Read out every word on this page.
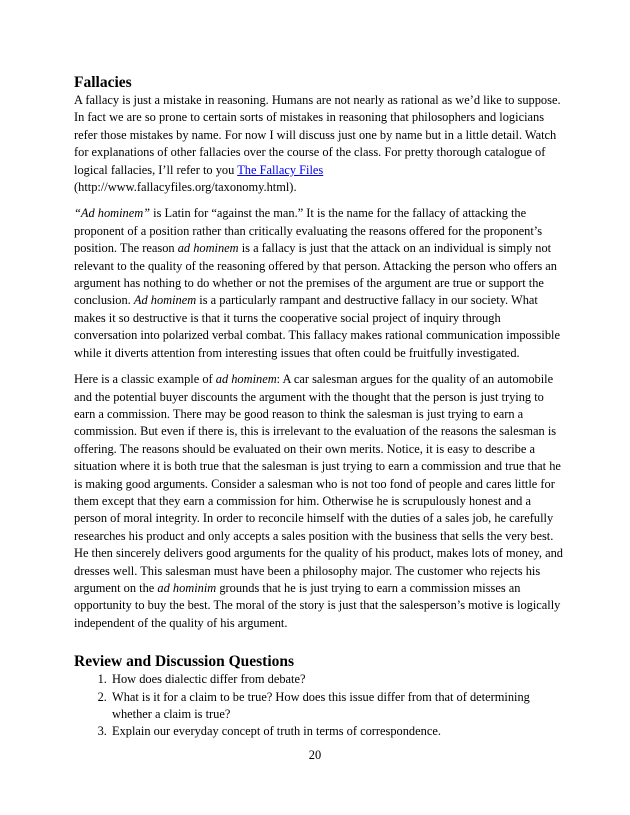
Fallacies

A fallacy is just a mistake in reasoning. Humans are not nearly as rational as we’d like to suppose. In fact we are so prone to certain sorts of mistakes in reasoning that philosophers and logicians refer those mistakes by name. For now I will discuss just one by name but in a little detail. Watch for explanations of other fallacies over the course of the class. For pretty thorough catalogue of logical fallacies, I’ll refer to you The Fallacy Files
(http://www.fallacyfiles.org/taxonomy.html).

“Ad hominem” is Latin for “against the man.” It is the name for the fallacy of attacking the proponent of a position rather than critically evaluating the reasons offered for the proponent’s position. The reason ad hominem is a fallacy is just that the attack on an individual is simply not relevant to the quality of the reasoning offered by that person. Attacking the person who offers an argument has nothing to do whether or not the premises of the argument are true or support the conclusion. Ad hominem is a particularly rampant and destructive fallacy in our society. What makes it so destructive is that it turns the cooperative social project of inquiry through conversation into polarized verbal combat. This fallacy makes rational communication impossible while it diverts attention from interesting issues that often could be fruitfully investigated.

Here is a classic example of ad hominem: A car salesman argues for the quality of an automobile and the potential buyer discounts the argument with the thought that the person is just trying to earn a commission. There may be good reason to think the salesman is just trying to earn a commission. But even if there is, this is irrelevant to the evaluation of the reasons the salesman is offering. The reasons should be evaluated on their own merits. Notice, it is easy to describe a situation where it is both true that the salesman is just trying to earn a commission and true that he is making good arguments. Consider a salesman who is not too fond of people and cares little for them except that they earn a commission for him. Otherwise he is scrupulously honest and a person of moral integrity. In order to reconcile himself with the duties of a sales job, he carefully researches his product and only accepts a sales position with the business that sells the very best. He then sincerely delivers good arguments for the quality of his product, makes lots of money, and dresses well. This salesman must have been a philosophy major. The customer who rejects his argument on the ad hominim grounds that he is just trying to earn a commission misses an opportunity to buy the best. The moral of the story is just that the salesperson’s motive is logically independent of the quality of his argument.

Review and Discussion Questions
1. How does dialectic differ from debate?
2. What is it for a claim to be true? How does this issue differ from that of determining whether a claim is true?
3. Explain our everyday concept of truth in terms of correspondence.
20
